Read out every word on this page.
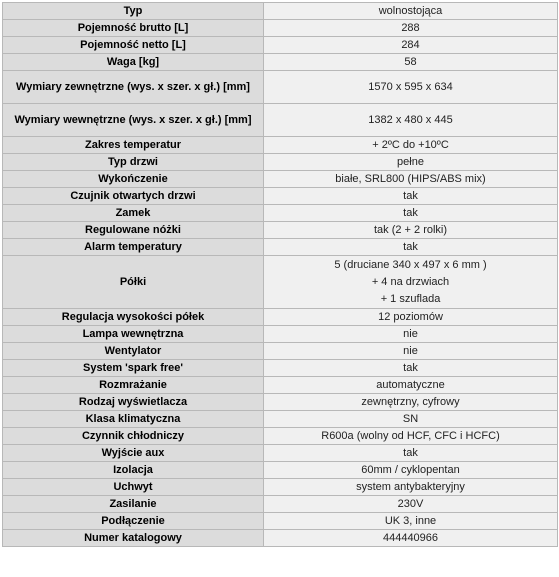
Typ	wolnostojąca
Pojemność brutto [L]	288
Pojemność netto [L]	284
Waga [kg]	58
Wymiary zewnętrzne (wys. x szer. x gł.) [mm]	1570 x 595 x 634
Wymiary wewnętrzne (wys. x szer. x gł.) [mm]	1382 x 480 x 445
Zakres temperatur	+ 2ºC do +10ºC
Typ drzwi	pełne
Wykończenie	białe, SRL800 (HIPS/ABS mix)
Czujnik otwartych drzwi	tak
Zamek	tak
Regulowane nóżki	tak (2 + 2 rolki)
Alarm temperatury	tak
Półki	5 (druciane 340 x 497 x 6 mm )
+ 4 na drzwiach
+ 1 szuflada

Regulacja wysokości półek	12 poziomów
Lampa wewnętrzna	nie
Wentylator	nie
System 'spark free'	tak
Rozmrażanie	automatyczne
Rodzaj wyświetlacza	zewnętrzny, cyfrowy
Klasa klimatyczna	SN
Czynnik chłodniczy	R600a (wolny od HCF, CFC i HCFC)
Wyjście aux	tak
Izolacja	60mm / cyklopentan
Uchwyt	system antybakteryjny
Zasilanie	230V
Podłączenie	UK 3, inne
Numer katalogowy	444440966
